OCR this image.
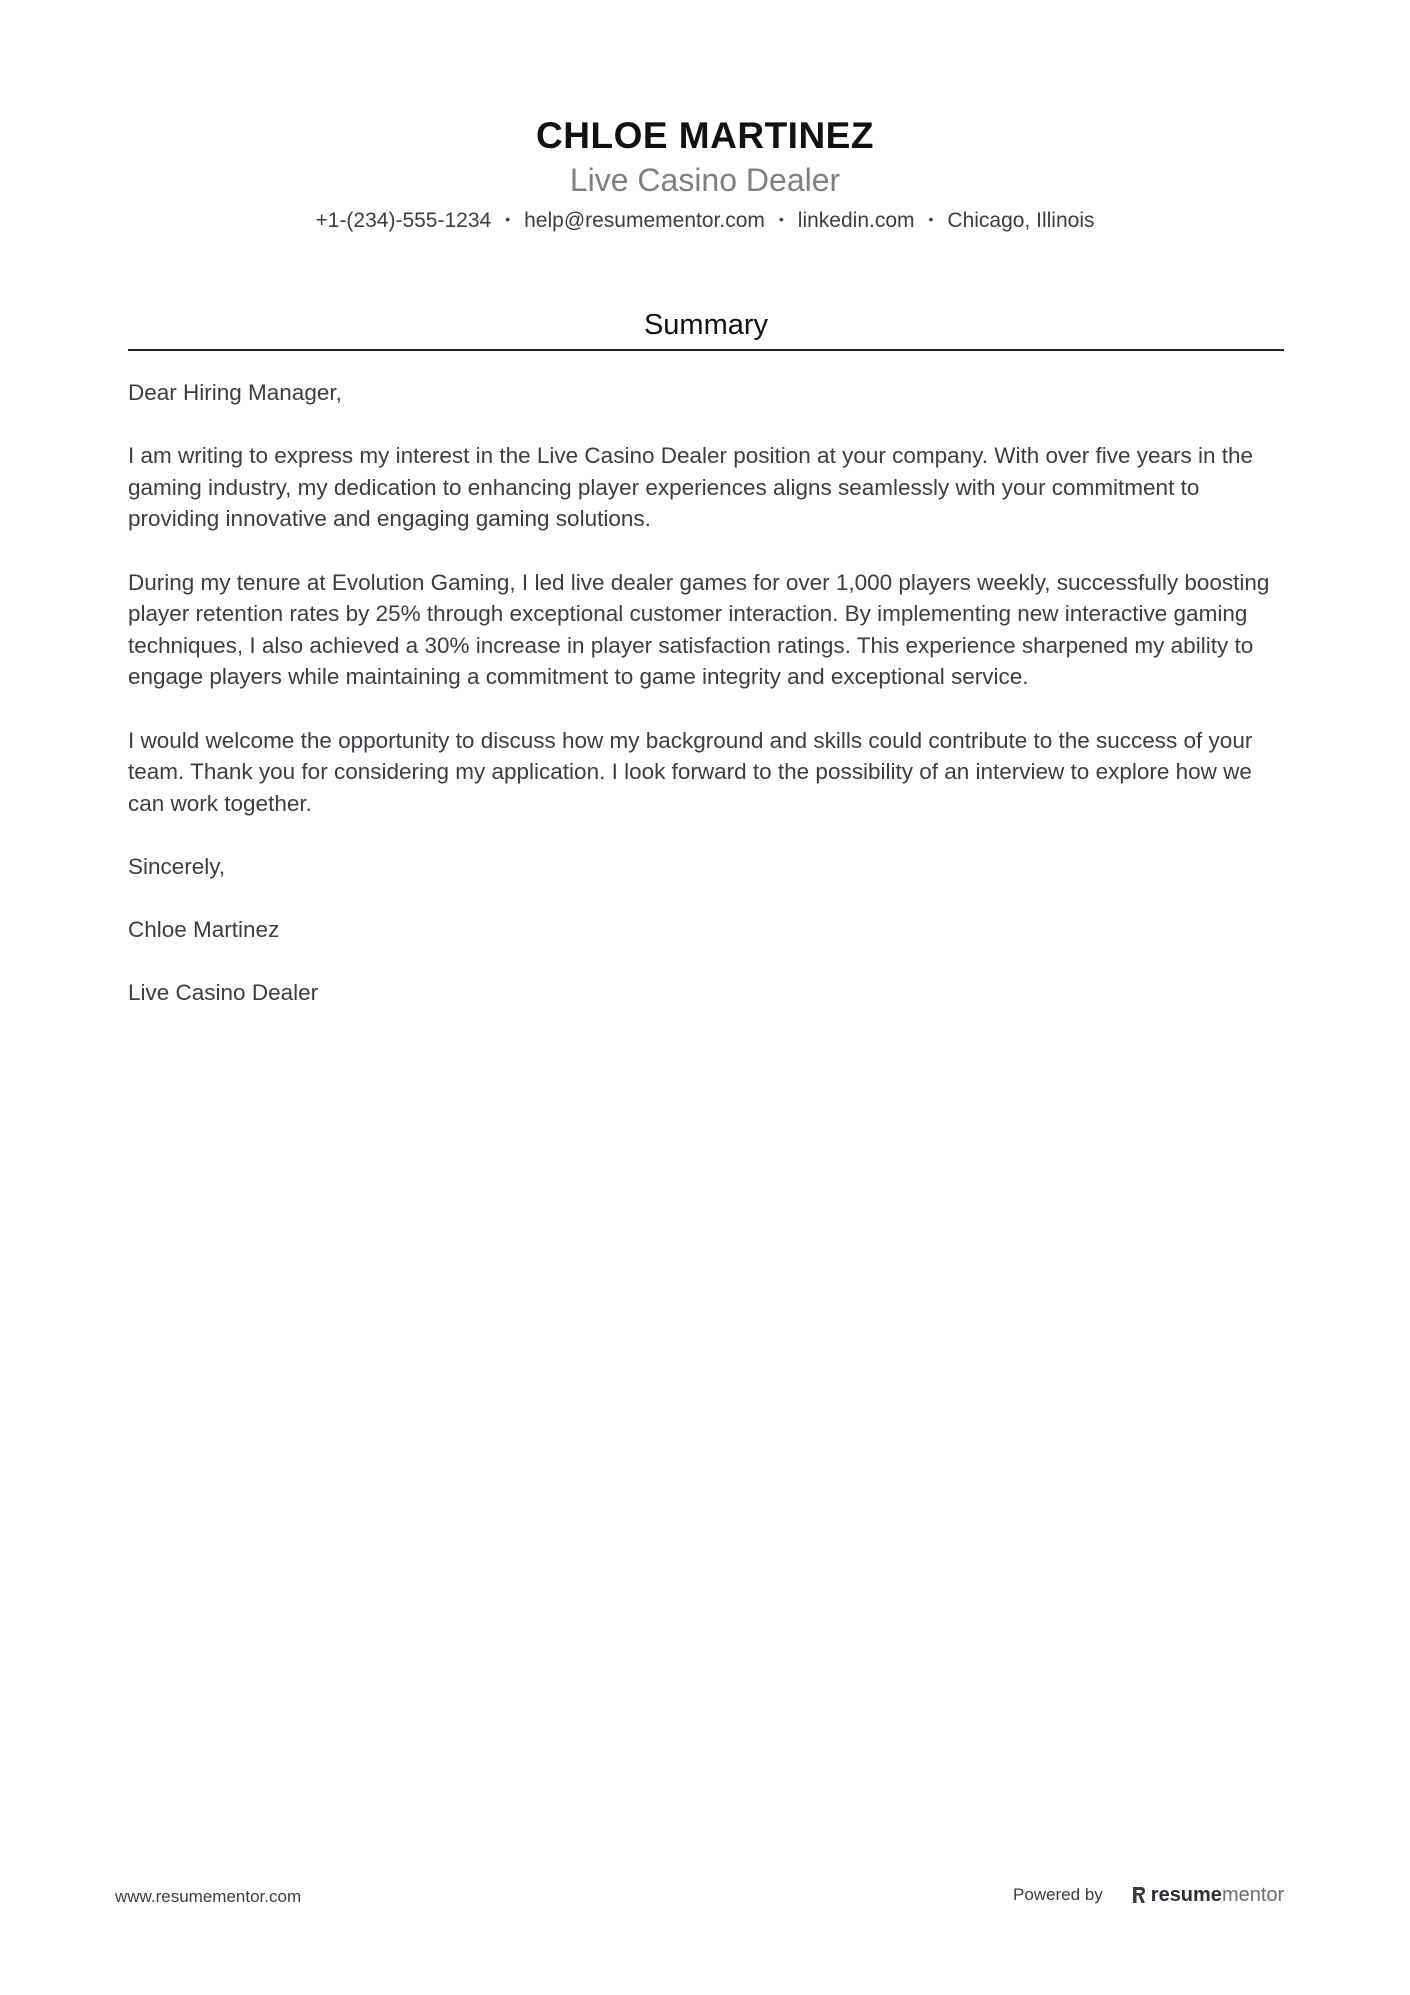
CHLOE MARTINEZ
Live Casino Dealer
+1-(234)-555-1234 • help@resumementor.com • linkedin.com • Chicago, Illinois
Summary

Dear Hiring Manager,

I am writing to express my interest in the Live Casino Dealer position at your company. With over five years in the gaming industry, my dedication to enhancing player experiences aligns seamlessly with your commitment to providing innovative and engaging gaming solutions.

During my tenure at Evolution Gaming, I led live dealer games for over 1,000 players weekly, successfully boosting player retention rates by 25% through exceptional customer interaction. By implementing new interactive gaming techniques, I also achieved a 30% increase in player satisfaction ratings. This experience sharpened my ability to engage players while maintaining a commitment to game integrity and exceptional service.

I would welcome the opportunity to discuss how my background and skills could contribute to the success of your team. Thank you for considering my application. I look forward to the possibility of an interview to explore how we can work together.

Sincerely,

Chloe Martinez

Live Casino Dealer

www.resumementor.com	Powered by resume mentor
